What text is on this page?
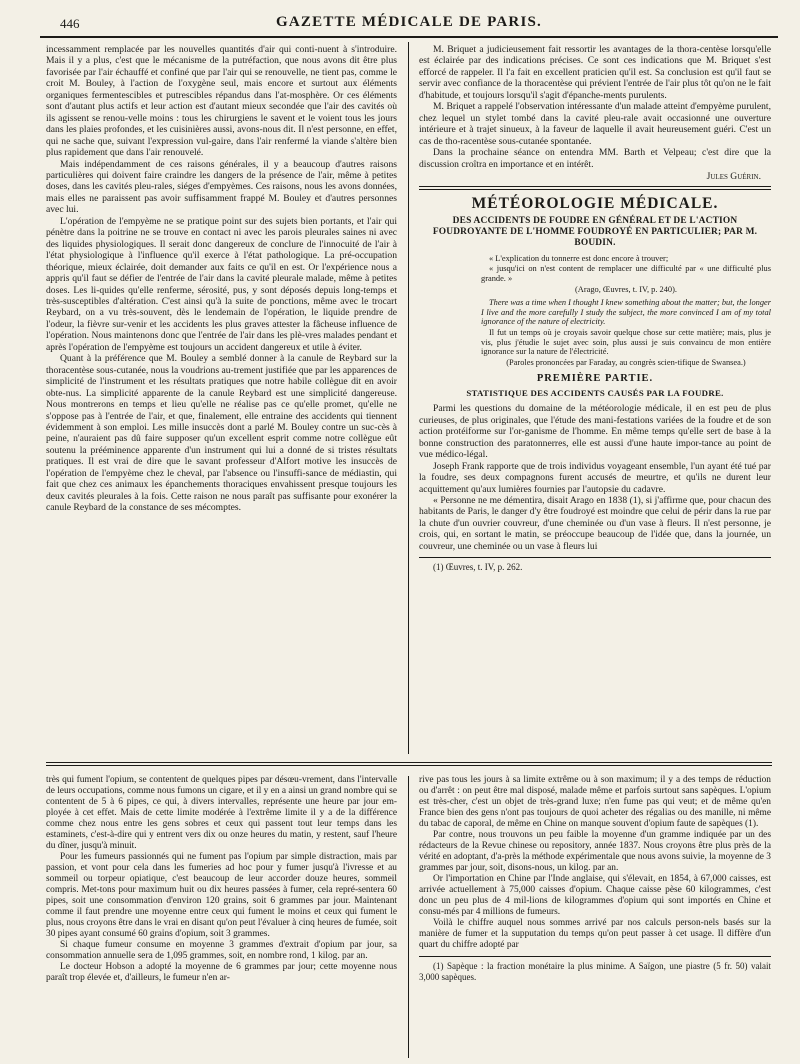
446	GAZETTE MÉDICALE DE PARIS.

incessamment remplacée par les nouvelles quantités d'air qui conti-nuent à s'introduire. Mais il y a plus, c'est que le mécanisme de la putréfaction, que nous avons dit être plus favorisée par l'air échauffé et confiné que par l'air qui se renouvelle, ne tient pas, comme le croit M. Bouley, à l'action de l'oxygène seul, mais encore et surtout aux éléments organiques fermentescibles et putrescibles répandus dans l'at-mosphère. Or ces éléments sont d'autant plus actifs et leur action est d'autant mieux secondée que l'air des cavités où ils agissent se renou-velle moins : tous les chirurgiens le savent et le voient tous les jours dans les plaies profondes, et les cuisinières aussi, avons-nous dit. Il n'est personne, en effet, qui ne sache que, suivant l'expression vul-gaire, dans l'air renfermé la viande s'altère bien plus rapidement que dans l'air renouvelé.

Mais indépendamment de ces raisons générales, il y a beaucoup d'autres raisons particulières qui doivent faire craindre les dangers de la présence de l'air, même à petites doses, dans les cavités pleu-rales, siéges d'empyèmes. Ces raisons, nous les avons données, mais elles ne paraissent pas avoir suffisamment frappé M. Bouley et d'autres personnes avec lui.

L'opération de l'empyème ne se pratique point sur des sujets bien portants, et l'air qui pénètre dans la poitrine ne se trouve en contact ni avec les parois pleurales saines ni avec des liquides physiologiques. Il serait donc dangereux de conclure de l'innocuité de l'air à l'état physiologique à l'influence qu'il exerce à l'état pathologique. La pré-occupation théorique, mieux éclairée, doit demander aux faits ce qu'il en est. Or l'expérience nous a appris qu'il faut se défier de l'entrée de l'air dans la cavité pleurale malade, même à petites doses. Les li-quides qu'elle renferme, sérosité, pus, y sont déposés depuis long-temps et très-susceptibles d'altération. C'est ainsi qu'à la suite de ponctions, même avec le trocart Reybard, on a vu très-souvent, dès le lendemain de l'opération, le liquide prendre de l'odeur, la fièvre sur-venir et les accidents les plus graves attester la fâcheuse influence de l'opération. Nous maintenons donc que l'entrée de l'air dans les plè-vres malades pendant et après l'opération de l'empyème est toujours un accident dangereux et utile à éviter.

Quant à la préférence que M. Bouley a semblé donner à la canule de Reybard sur la thoracentèse sous-cutanée, nous la voudrions au-trement justifiée que par les apparences de simplicité de l'instrument et les résultats pratiques que notre habile collègue dit en avoir obte-nus. La simplicité apparente de la canule Reybard est une simplicité dangereuse. Nous montrerons en temps et lieu qu'elle ne réalise pas ce qu'elle promet, qu'elle ne s'oppose pas à l'entrée de l'air, et que, finalement, elle entraine des accidents qui tiennent évidemment à son emploi. Les mille insuccès dont a parlé M. Bouley contre un suc-cès à peine, n'auraient pas dû faire supposer qu'un excellent esprit comme notre collègue eût soutenu la prééminence apparente d'un instrument qui lui a donné de si tristes résultats pratiques. Il est vrai de dire que le savant professeur d'Alfort motive les insuccès de l'opération de l'empyème chez le cheval, par l'absence ou l'insuffi-sance de médiastin, qui fait que chez ces animaux les épanchements thoraciques envahissent presque toujours les deux cavités pleurales à la fois. Cette raison ne nous paraît pas suffisante pour exonérer la canule Reybard de la constance de ses mécomptes.

M. Briquet a judicieusement fait ressortir les avantages de la thora-centèse lorsqu'elle est éclairée par des indications précises. Ce sont ces indications que M. Briquet s'est efforcé de rappeler. Il l'a fait en excellent praticien qu'il est. Sa conclusion est qu'il faut se servir avec confiance de la thoracentèse qui prévient l'entrée de l'air plus tôt qu'on ne le fait d'habitude, et toujours lorsqu'il s'agit d'épanche-ments purulents.

M. Briquet a rappelé l'observation intéressante d'un malade atteint d'empyème purulent, chez lequel un stylet tombé dans la cavité pleu-rale avait occasionné une ouverture intérieure et à trajet sinueux, à la faveur de laquelle il avait heureusement guéri. C'est un cas de tho-racentèse sous-cutanée spontanée.

Dans la prochaine séance on entendra MM. Barth et Velpeau; c'est dire que la discussion croîtra en importance et en intérêt.

Jules Guérin.
MÉTÉOROLOGIE MÉDICALE.
DES ACCIDENTS DE FOUDRE EN GÉNÉRAL ET DE L'ACTION FOUDROYANTE DE L'HOMME FOUDROYÉ EN PARTICULIER; PAR M. BOUDIN.

« L'explication du tonnerre est donc encore à trouver;

« jusqu'ici on n'est content de remplacer une difficulté par « une difficulté plus grande. »

(Arago, Œuvres, t. IV, p. 240).

There was a time when I thought I knew something about the matter; but, the longer I live and the more carefully I study the subject, the more convinced I am of my total ignorance of the nature of electricity.

Il fut un temps où je croyais savoir quelque chose sur cette matière; mais, plus je vis, plus j'étudie le sujet avec soin, plus aussi je suis convaincu de mon entière ignorance sur la nature de l'électricité.

(Paroles prononcées par Faraday, au congrès scien-tifique de Swansea.)

PREMIÈRE PARTIE.
STATISTIQUE DES ACCIDENTS CAUSÉS PAR LA FOUDRE.

Parmi les questions du domaine de la météorologie médicale, il en est peu de plus curieuses, de plus originales, que l'étude des mani-festations variées de la foudre et de son action protéiforme sur l'or-ganisme de l'homme. En même temps qu'elle sert de base à la bonne construction des paratonnerres, elle est aussi d'une haute impor-tance au point de vue médico-légal.

Joseph Frank rapporte que de trois individus voyageant ensemble, l'un ayant été tué par la foudre, ses deux compagnons furent accusés de meurtre, et qu'ils ne durent leur acquittement qu'aux lumières fournies par l'autopsie du cadavre.

« Personne ne me démentira, disait Arago en 1838 (1), si j'affirme que, pour chacun des habitants de Paris, le danger d'y être foudroyé est moindre que celui de périr dans la rue par la chute d'un ouvrier couvreur, d'une cheminée ou d'un vase à fleurs. Il n'est personne, je crois, qui, en sortant le matin, se préoccupe beaucoup de l'idée que, dans la journée, un couvreur, une cheminée ou un vase à fleurs lui

(1) Œuvres, t. IV, p. 262.

très qui fument l'opium, se contentent de quelques pipes par désœu-vrement, dans l'intervalle de leurs occupations, comme nous fumons un cigare, et il y en a ainsi un grand nombre qui se contentent de 5 à 6 pipes, ce qui, à divers intervalles, représente une heure par jour em-ployée à cet effet. Mais de cette limite modérée à l'extrême limite il y a de la différence comme chez nous entre les gens sobres et ceux qui passent tout leur temps dans les estaminets, c'est-à-dire qui y entrent vers dix ou onze heures du matin, y restent, sauf l'heure du dîner, jusqu'à minuit.

Pour les fumeurs passionnés qui ne fument pas l'opium par simple distraction, mais par passion, et vont pour cela dans les fumeries ad hoc pour y fumer jusqu'à l'ivresse et au sommeil ou torpeur opiatique, c'est beaucoup de leur accorder douze heures, sommeil compris. Met-tons pour maximum huit ou dix heures passées à fumer, cela repré-sentera 60 pipes, soit une consommation d'environ 120 grains, soit 6 grammes par jour. Maintenant comme il faut prendre une moyenne entre ceux qui fument le moins et ceux qui fument le plus, nous croyons être dans le vrai en disant qu'on peut l'évaluer à cinq heures de fumée, soit 30 pipes ayant consumé 60 grains d'opium, soit 3 grammes.

Si chaque fumeur consume en moyenne 3 grammes d'extrait d'opium par jour, sa consommation annuelle sera de 1,095 grammes, soit, en nombre rond, 1 kilog. par an.

Le docteur Hobson a adopté la moyenne de 6 grammes par jour; cette moyenne nous paraît trop élevée et, d'ailleurs, le fumeur n'en ar-

rive pas tous les jours à sa limite extrême ou à son maximum; il y a des temps de réduction ou d'arrêt : on peut être mal disposé, malade même et parfois surtout sans sapèques. L'opium est très-cher, c'est un objet de très-grand luxe; n'en fume pas qui veut; et de même qu'en France bien des gens n'ont pas toujours de quoi acheter des régalias ou des manille, ni même du tabac de caporal, de même en Chine on manque souvent d'opium faute de sapèques (1).

Par contre, nous trouvons un peu faible la moyenne d'un gramme indiquée par un des rédacteurs de la Revue chinese ou repository, année 1837. Nous croyons être plus près de la vérité en adoptant, d'a-près la méthode expérimentale que nous avons suivie, la moyenne de 3 grammes par jour, soit, disons-nous, un kilog. par an.

Or l'importation en Chine par l'Inde anglaise, qui s'élevait, en 1854, à 67,000 caisses, est arrivée actuellement à 75,000 caisses d'opium. Chaque caisse pèse 60 kilogrammes, c'est donc un peu plus de 4 mil-lions de kilogrammes d'opium qui sont importés en Chine et consu-més par 4 millions de fumeurs.

Voilà le chiffre auquel nous sommes arrivé par nos calculs person-nels basés sur la manière de fumer et la supputation du temps qu'on peut passer à cet usage. Il diffère d'un quart du chiffre adopté par

(1) Sapèque : la fraction monétaire la plus minime. A Saïgon, une piastre (5 fr. 50) valait 3,000 sapèques.
